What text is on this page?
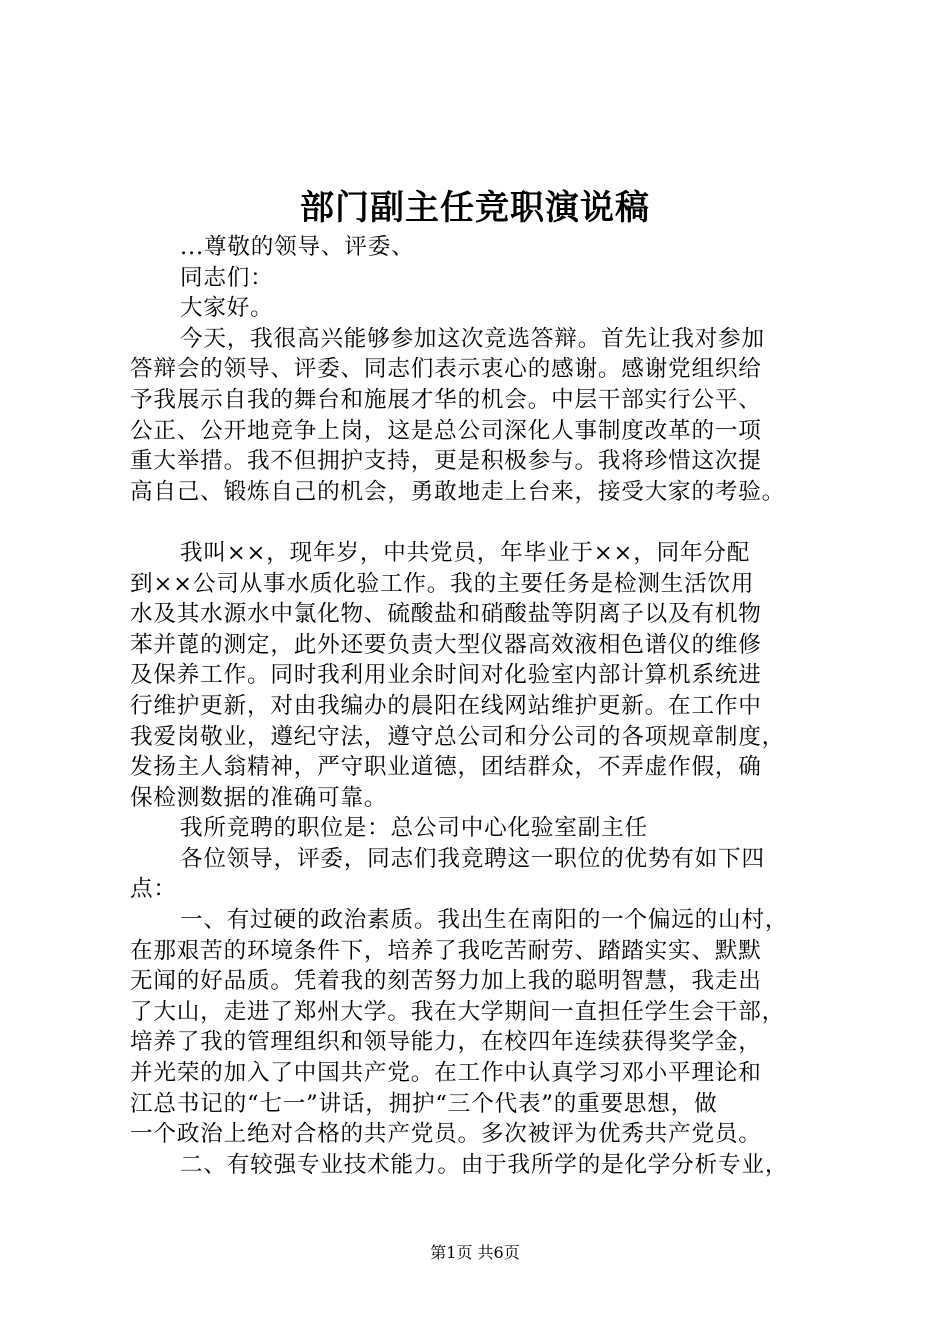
部门副主任竞职演说稿
...尊敬的领导、评委、
同志们：
大家好。
今天，我很高兴能够参加这次竞选答辩。首先让我对参加
答辩会的领导、评委、同志们表示衷心的感谢。感谢党组织给
予我展示自我的舞台和施展才华的机会。中层干部实行公平、
公正、公开地竞争上岗，这是总公司深化人事制度改革的一项
重大举措。我不但拥护支持，更是积极参与。我将珍惜这次提
高自己、锻炼自己的机会，勇敢地走上台来，接受大家的考验。
我叫××，现年岁，中共党员，年毕业于××，同年分配
到××公司从事水质化验工作。我的主要任务是检测生活饮用
水及其水源水中氯化物、硫酸盐和硝酸盐等阴离子以及有机物
苯并蓖的测定，此外还要负责大型仪器高效液相色谱仪的维修
及保养工作。同时我利用业余时间对化验室内部计算机系统进
行维护更新，对由我编办的晨阳在线网站维护更新。在工作中
我爱岗敬业，遵纪守法，遵守总公司和分公司的各项规章制度，
发扬主人翁精神，严守职业道德，团结群众，不弄虚作假，确
保检测数据的准确可靠。
我所竞聘的职位是：总公司中心化验室副主任
各位领导，评委，同志们我竞聘这一职位的优势有如下四
点：
一、有过硬的政治素质。我出生在南阳的一个偏远的山村，
在那艰苦的环境条件下，培养了我吃苦耐劳、踏踏实实、默默
无闻的好品质。凭着我的刻苦努力加上我的聪明智慧，我走出
了大山，走进了郑州大学。我在大学期间一直担任学生会干部，
培养了我的管理组织和领导能力，在校四年连续获得奖学金，
并光荣的加入了中国共产党。在工作中认真学习邓小平理论和
江总书记的“七一”讲话，拥护“三个代表”的重要思想，做
一个政治上绝对合格的共产党员。多次被评为优秀共产党员。
二、有较强专业技术能力。由于我所学的是化学分析专业，
第1页 共6页
